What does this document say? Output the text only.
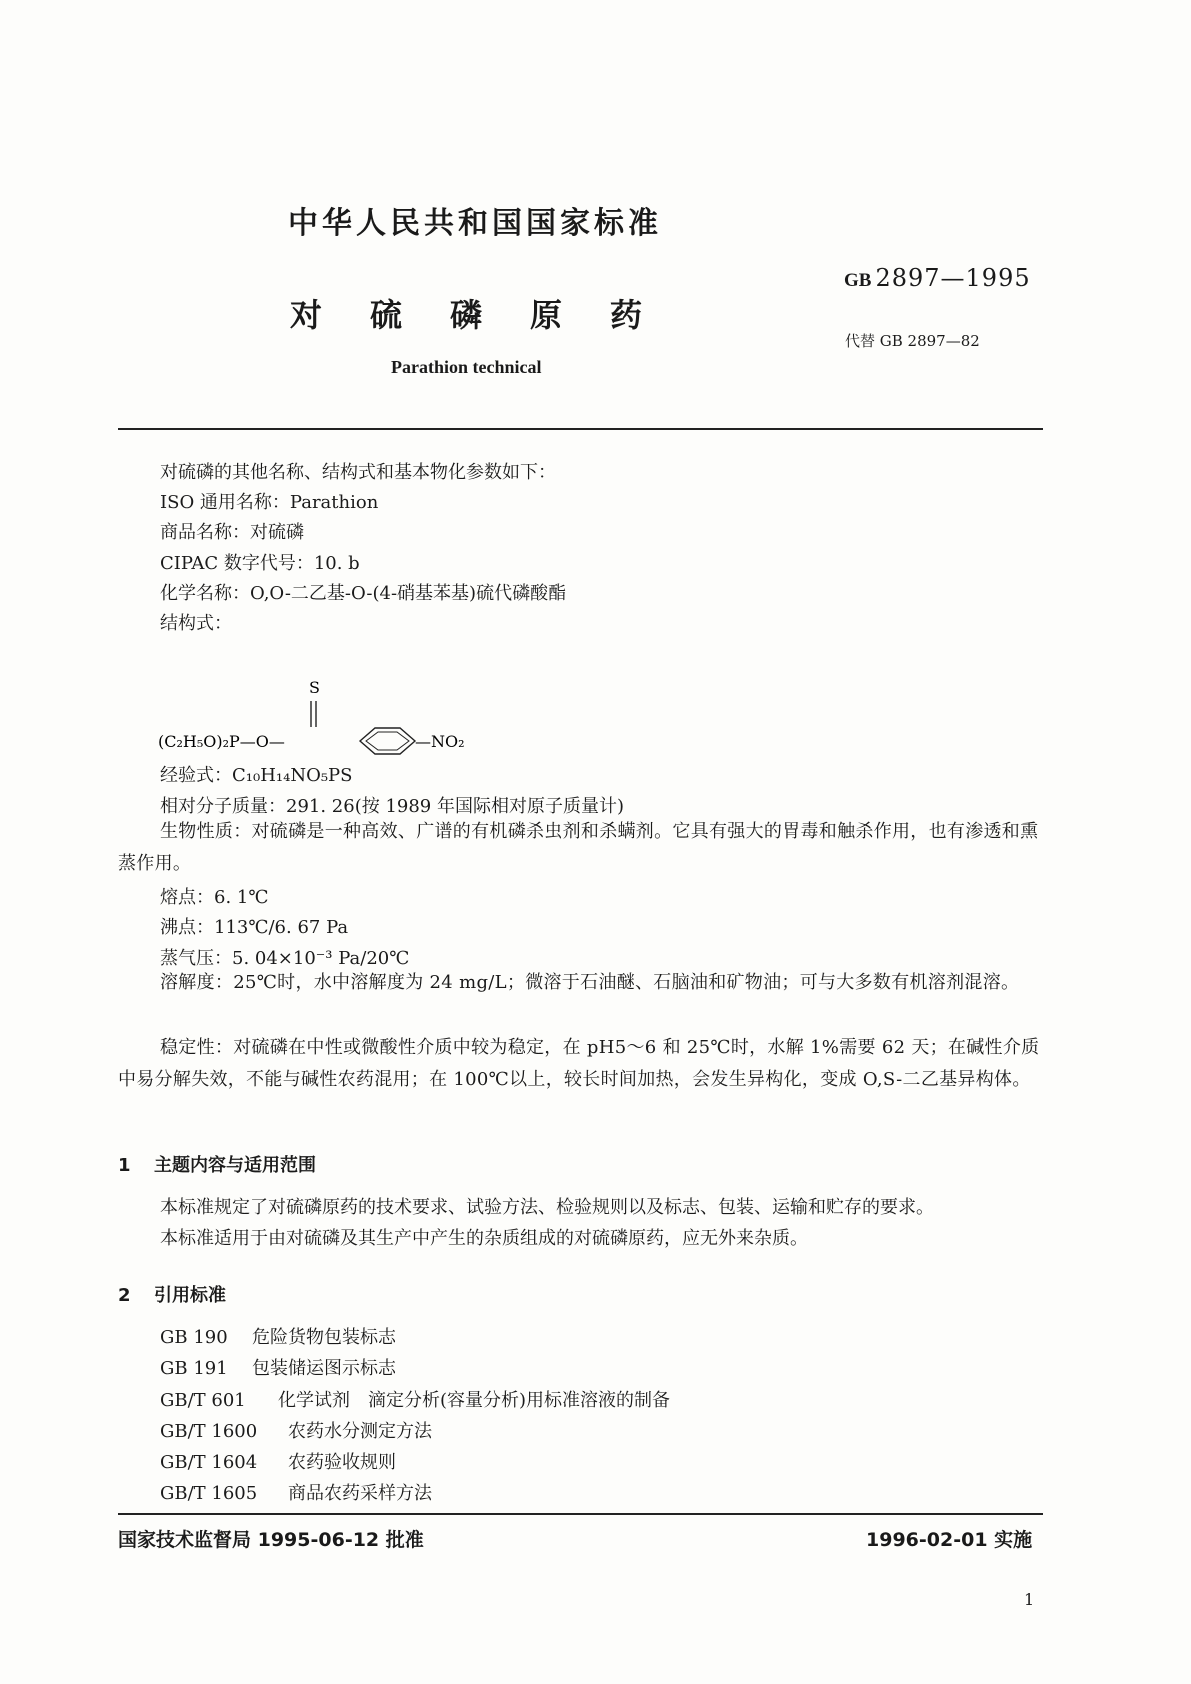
中华人民共和国国家标准
GB 2897—1995
代替 GB 2897—82
对硫磷原药
Parathion technical
对硫磷的其他名称、结构式和基本物化参数如下：
ISO 通用名称：Parathion
商品名称：对硫磷
CIPAC 数字代号：10. b
化学名称：O,O-二乙基-O-(4-硝基苯基)硫代磷酸酯
结构式：
S
(C₂H₅O)₂P—O—	—NO₂
经验式：C₁₀H₁₄NO₅PS
相对分子质量：291. 26(按 1989 年国际相对原子质量计)
生物性质：对硫磷是一种高效、广谱的有机磷杀虫剂和杀螨剂。它具有强大的胃毒和触杀作用，也有渗透和熏蒸作用。
熔点：6. 1℃
沸点：113℃/6. 67 Pa
蒸气压：5. 04×10⁻³ Pa/20℃
溶解度：25℃时，水中溶解度为 24 mg/L；微溶于石油醚、石脑油和矿物油；可与大多数有机溶剂混溶。
稳定性：对硫磷在中性或微酸性介质中较为稳定，在 pH5～6 和 25℃时，水解 1%需要 62 天；在碱性介质中易分解失效，不能与碱性农药混用；在 100℃以上，较长时间加热，会发生异构化，变成 O,S-二乙基异构体。
1 主题内容与适用范围
本标准规定了对硫磷原药的技术要求、试验方法、检验规则以及标志、包装、运输和贮存的要求。
本标准适用于由对硫磷及其生产中产生的杂质组成的对硫磷原药，应无外来杂质。
2 引用标准
GB 190 危险货物包装标志
GB 191 包装储运图示标志
GB/T 601 化学试剂　滴定分析(容量分析)用标准溶液的制备
GB/T 1600 农药水分测定方法
GB/T 1604 农药验收规则
GB/T 1605 商品农药采样方法
国家技术监督局 1995-06-12 批准	1996-02-01 实施
1
